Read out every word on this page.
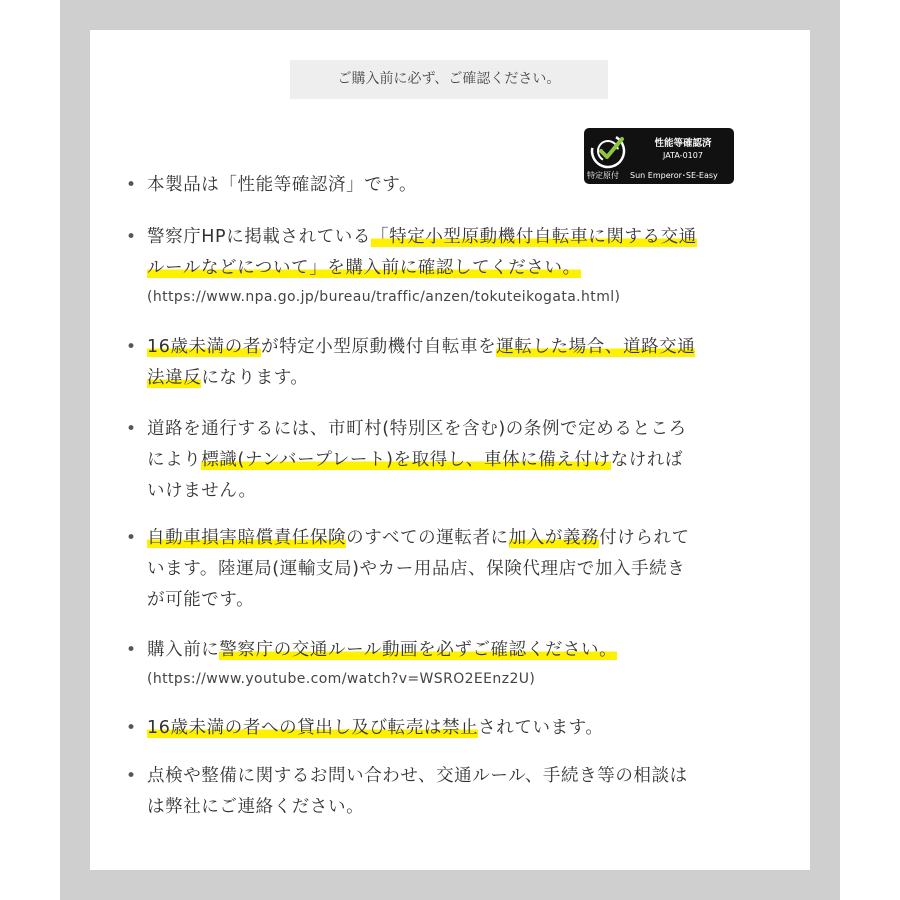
ご購入前に必ず、ご確認ください。
特定原付
性能等確認済
JATA-0107
Sun Emperor･SE-Easy
• 本製品は「性能等確認済」です。
• 警察庁HPに掲載されている「特定小型原動機付自転車に関する交通
ルールなどについて」を購入前に確認してください。
(https://www.npa.go.jp/bureau/traffic/anzen/tokuteikogata.html)
• 16歳未満の者が特定小型原動機付自転車を運転した場合、道路交通
法違反になります。
• 道路を通行するには、市町村(特別区を含む)の条例で定めるところ
により標識(ナンバープレート)を取得し、車体に備え付けなければ
いけません。
• 自動車損害賠償責任保険のすべての運転者に加入が義務付けられて
います。陸運局(運輸支局)やカー用品店、保険代理店で加入手続き
が可能です。
• 購入前に警察庁の交通ルール動画を必ずご確認ください。
(https://www.youtube.com/watch?v=WSRO2EEnz2U)
• 16歳未満の者への貸出し及び転売は禁止されています。
• 点検や整備に関するお問い合わせ、交通ルール、手続き等の相談は
は弊社にご連絡ください。
